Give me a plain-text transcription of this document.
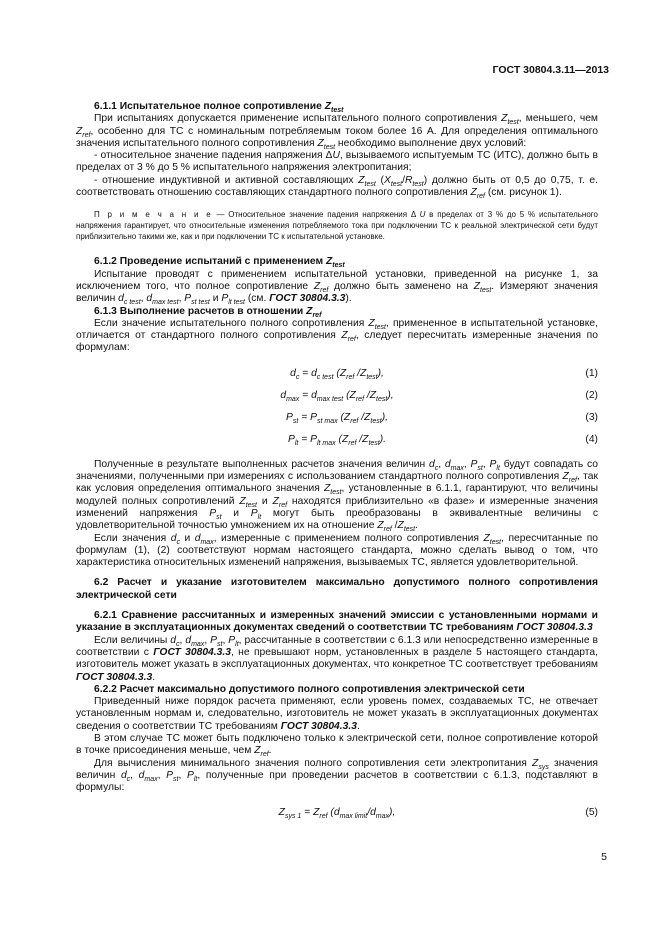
ГОСТ 30804.3.11—2013

6.1.1 Испытательное полное сопротивление $Z_{test}$

При испытаниях допускается применение испытательного полного сопротивления $Z_{test}$, меньшего, чем $Z_{ref}$, особенно для ТС с номинальным потребляемым током более 16 А. Для определения оптимального значения испытательного полного сопротивления $Z_{test}$ необходимо выполнение двух условий:

- относительное значение падения напряжения ΔU, вызываемого испытуемым ТС (ИТС), должно быть в пределах от 3 % до 5 % испытательного напряжения электропитания;

- отношение индуктивной и активной составляющих $Z_{test}$ $(X_{test}/R_{test})$ должно быть от 0,5 до 0,75, т. е. соответствовать отношению составляющих стандартного полного сопротивления $Z_{ref}$ (см. рисунок 1).

П р и м е ч а н и е — Относительное значение падения напряжения Δ U в пределах от 3 % до 5 % испытательного напряжения гарантирует, что относительные изменения потребляемого тока при подключении ТС к реальной электрической сети будут приблизительно такими же, как и при подключении ТС к испытательной установке.

6.1.2 Проведение испытаний с применением $Z_{test}$

Испытание проводят с применением испытательной установки, приведенной на рисунке 1, за исключением того, что полное сопротивление $Z_{ref}$ должно быть заменено на $Z_{test}$. Измеряют значения величин $d_{c test}$, $d_{max test}$, $P_{st test}$ и $P_{lt test}$ (см. ГОСТ 30804.3.3).

6.1.3 Выполнение расчетов в отношении $Z_{ref}$

Если значение испытательного полного сопротивления $Z_{test}$, примененное в испытательной установке, отличается от стандартного полного сопротивления $Z_{ref}$, следует пересчитать измеренные значения по формулам:

$d_c = d_{c test}$ ($Z_{ref}$ $/Z_{test}$),	(1)
$d_{max} = d_{max test}$ ($Z_{ref}$ $/Z_{test}$),	(2)
$P_{st} = P_{st max}$ ($Z_{ref}$ $/Z_{test}$),	(3)
$P_{lt} = P_{lt max}$ ($Z_{ref}$ $/Z_{test}$).	(4)

Полученные в результате выполненных расчетов значения величин $d_c$, $d_{max}$, $P_{st}$, $P_{lt}$ будут совпадать со значениями, полученными при измерениях с использованием стандартного полного сопротивления $Z_{ref}$, так как условия определения оптимального значения $Z_{test}$, установленные в 6.1.1, гарантируют, что величины модулей полных сопротивлений $Z_{test}$ и $Z_{ref}$ находятся приблизительно «в фазе» и измеренные значения изменений напряжения $P_{st}$ и $P_{lt}$ могут быть преобразованы в эквивалентные величины с удовлетворительной точностью умножением их на отношение $Z_{ref}$ $/Z_{test}$.

Если значения $d_c$ и $d_{max}$, измеренные с применением полного сопротивления $Z_{test}$, пересчитанные по формулам (1), (2) соответствуют нормам настоящего стандарта, можно сделать вывод о том, что характеристика относительных изменений напряжения, вызываемых ТС, является удовлетворительной.

6.2 Расчет и указание изготовителем максимально допустимого полного сопротивления электрической сети

6.2.1 Сравнение рассчитанных и измеренных значений эмиссии с установленными нормами и указание в эксплуатационных документах сведений о соответствии ТС требованиям ГОСТ 30804.3.3

Если величины $d_c$, $d_{max}$, $P_{st}$, $P_{lt}$, рассчитанные в соответствии с 6.1.3 или непосредственно измеренные в соответствии с ГОСТ 30804.3.3, не превышают норм, установленных в разделе 5 настоящего стандарта, изготовитель может указать в эксплуатационных документах, что конкретное ТС соответствует требованиям ГОСТ 30804.3.3.

6.2.2 Расчет максимально допустимого полного сопротивления электрической сети

Приведенный ниже порядок расчета применяют, если уровень помех, создаваемых ТС, не отвечает установленным нормам и, следовательно, изготовитель не может указать в эксплуатационных документах сведения о соответствии ТС требованиям ГОСТ 30804.3.3.

В этом случае ТС может быть подключено только к электрической сети, полное сопротивление которой в точке присоединения меньше, чем $Z_{ref}$.

Для вычисления минимального значения полного сопротивления сети электропитания $Z_{sys}$ значения величин $d_c$, $d_{max}$, $P_{st}$, $P_{lt}$, полученные при проведении расчетов в соответствии с 6.1.3, подставляют в формулы:

$Z_{sys 1} = Z_{ref}$ $(d_{max limit}/d_{max})$,	(5)
5
